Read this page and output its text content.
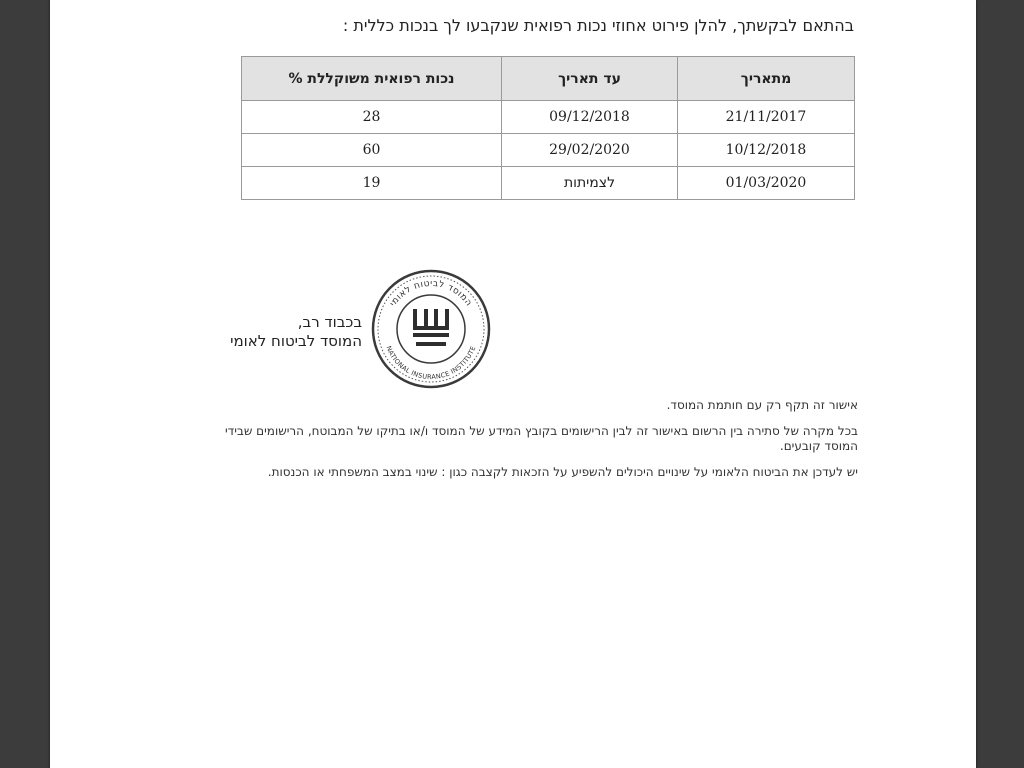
בהתאם לבקשתך, להלן פירוט אחוזי נכות רפואית שנקבעו לך בנכות כללית :
מתאריך	עד תאריך	נכות רפואית משוקללת %
21/11/2017	09/12/2018	28
10/12/2018	29/02/2020	60
01/03/2020	לצמיתות	19
המוסד לביטוח לאומי
NATIONAL INSURANCE INSTITUTE
בכבוד רב,
המוסד לביטוח לאומי

אישור זה תקף רק עם חותמת המוסד.

בכל מקרה של סתירה בין הרשום באישור זה לבין הרישומים בקובץ המידע של המוסד ו/או בתיקו של המבוטח, הרישומים שבידי המוסד קובעים.

יש לעדכן את הביטוח הלאומי על שינויים היכולים להשפיע על הזכאות לקצבה כגון : שינוי במצב המשפחתי או הכנסות.
